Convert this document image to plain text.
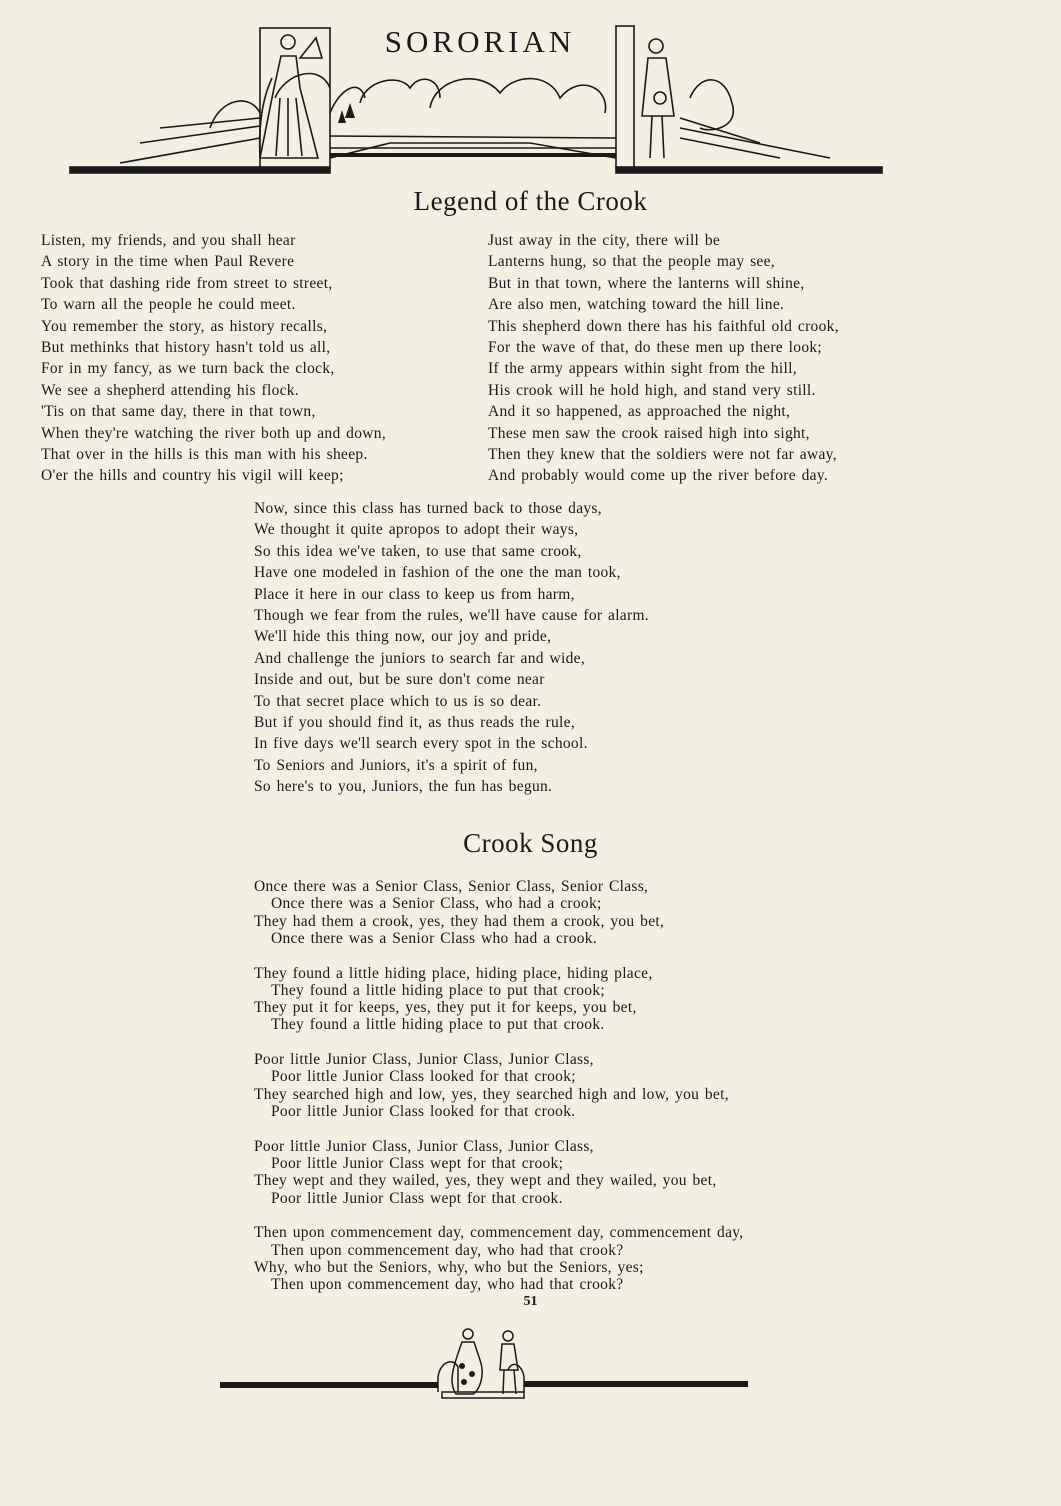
SORORIAN
Legend of the Crook
Listen, my friends, and you shall hear
A story in the time when Paul Revere
Took that dashing ride from street to street,
To warn all the people he could meet.
You remember the story, as history recalls,
But methinks that history hasn't told us all,
For in my fancy, as we turn back the clock,
We see a shepherd attending his flock.
'Tis on that same day, there in that town,
When they're watching the river both up and down,
That over in the hills is this man with his sheep.
O'er the hills and country his vigil will keep;
Just away in the city, there will be
Lanterns hung, so that the people may see,
But in that town, where the lanterns will shine,
Are also men, watching toward the hill line.
This shepherd down there has his faithful old crook,
For the wave of that, do these men up there look;
If the army appears within sight from the hill,
His crook will he hold high, and stand very still.
And it so happened, as approached the night,
These men saw the crook raised high into sight,
Then they knew that the soldiers were not far away,
And probably would come up the river before day.
Now, since this class has turned back to those days,
We thought it quite apropos to adopt their ways,
So this idea we've taken, to use that same crook,
Have one modeled in fashion of the one the man took,
Place it here in our class to keep us from harm,
Though we fear from the rules, we'll have cause for alarm.
We'll hide this thing now, our joy and pride,
And challenge the juniors to search far and wide,
Inside and out, but be sure don't come near
To that secret place which to us is so dear.
But if you should find it, as thus reads the rule,
In five days we'll search every spot in the school.
To Seniors and Juniors, it's a spirit of fun,
So here's to you, Juniors, the fun has begun.
Crook Song
Once there was a Senior Class, Senior Class, Senior Class,
Once there was a Senior Class, who had a crook;
They had them a crook, yes, they had them a crook, you bet,
Once there was a Senior Class who had a crook.
They found a little hiding place, hiding place, hiding place,
They found a little hiding place to put that crook;
They put it for keeps, yes, they put it for keeps, you bet,
They found a little hiding place to put that crook.
Poor little Junior Class, Junior Class, Junior Class,
Poor little Junior Class looked for that crook;
They searched high and low, yes, they searched high and low, you bet,
Poor little Junior Class looked for that crook.
Poor little Junior Class, Junior Class, Junior Class,
Poor little Junior Class wept for that crook;
They wept and they wailed, yes, they wept and they wailed, you bet,
Poor little Junior Class wept for that crook.
Then upon commencement day, commencement day, commencement day,
Then upon commencement day, who had that crook?
Why, who but the Seniors, why, who but the Seniors, yes;
Then upon commencement day, who had that crook?
51
